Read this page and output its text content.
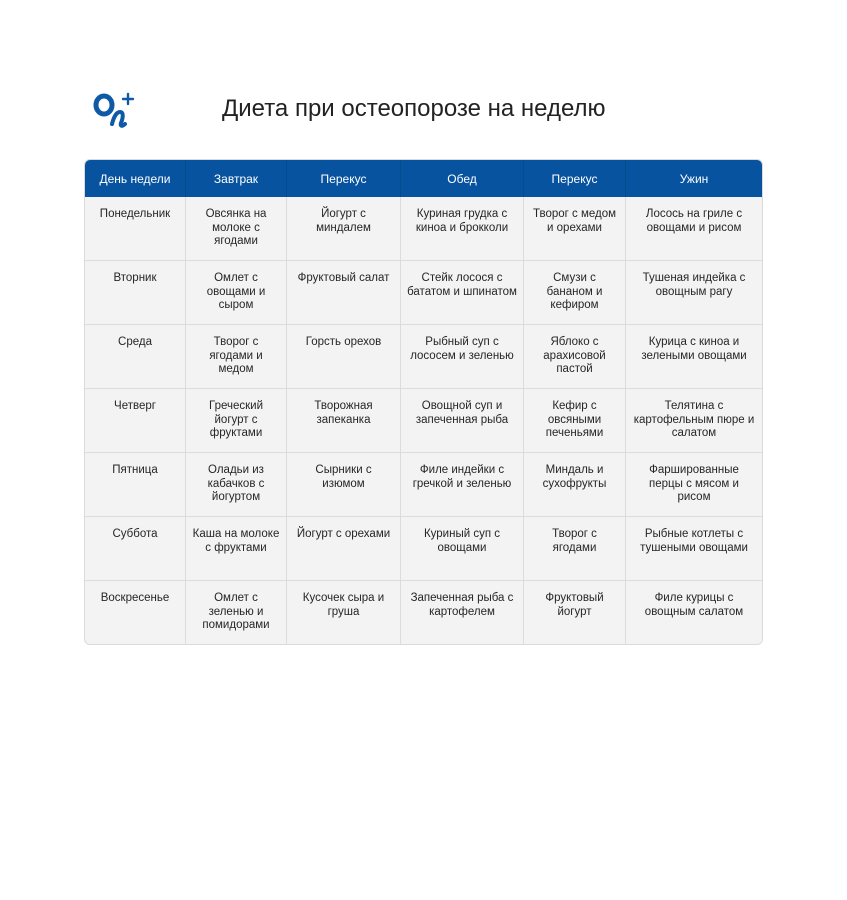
Диета при остеопорозе на неделю
День недели	Завтрак	Перекус	Обед	Перекус	Ужин
Понедельник	Овсянка на молоке с ягодами	Йогурт с миндалем	Куриная грудка с киноа и брокколи	Творог с медом и орехами	Лосось на гриле с овощами и рисом
Вторник	Омлет с овощами и сыром	Фруктовый салат	Стейк лосося с бататом и шпинатом	Смузи с бананом и кефиром	Тушеная индейка с овощным рагу
Среда	Творог с ягодами и медом	Горсть орехов	Рыбный суп с лососем и зеленью	Яблоко с арахисовой пастой	Курица с киноа и зелеными овощами
Четверг	Греческий йогурт с фруктами	Творожная запеканка	Овощной суп и запеченная рыба	Кефир с овсяными печеньями	Телятина с картофельным пюре и салатом
Пятница	Оладьи из кабачков с йогуртом	Сырники с изюмом	Филе индейки с гречкой и зеленью	Миндаль и сухофрукты	Фаршированные перцы с мясом и рисом
Суббота	Каша на молоке с фруктами	Йогурт с орехами	Куриный суп с овощами	Творог с ягодами	Рыбные котлеты с тушеными овощами
Воскресенье	Омлет с зеленью и помидорами	Кусочек сыра и груша	Запеченная рыба с картофелем	Фруктовый йогурт	Филе курицы с овощным салатом
